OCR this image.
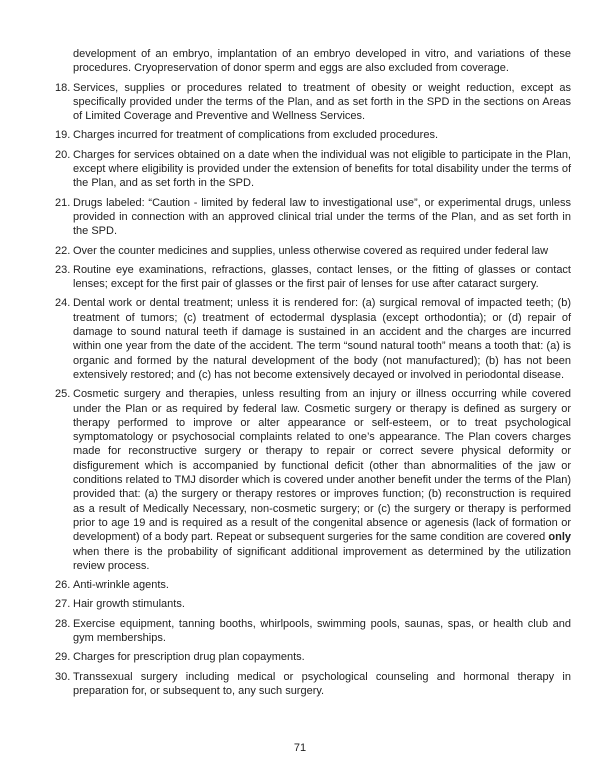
development of an embryo, implantation of an embryo developed in vitro, and variations of these procedures. Cryopreservation of donor sperm and eggs are also excluded from coverage.

18. Services, supplies or procedures related to treatment of obesity or weight reduction, except as specifically provided under the terms of the Plan, and as set forth in the SPD in the sections on Areas of Limited Coverage and Preventive and Wellness Services.
19. Charges incurred for treatment of complications from excluded procedures.
20. Charges for services obtained on a date when the individual was not eligible to participate in the Plan, except where eligibility is provided under the extension of benefits for total disability under the terms of the Plan, and as set forth in the SPD.
21. Drugs labeled: “Caution - limited by federal law to investigational use”, or experimental drugs, unless provided in connection with an approved clinical trial under the terms of the Plan, and as set forth in the SPD.
22. Over the counter medicines and supplies, unless otherwise covered as required under federal law
23. Routine eye examinations, refractions, glasses, contact lenses, or the fitting of glasses or contact lenses; except for the first pair of glasses or the first pair of lenses for use after cataract surgery.
24. Dental work or dental treatment; unless it is rendered for: (a) surgical removal of impacted teeth; (b) treatment of tumors; (c) treatment of ectodermal dysplasia (except orthodontia); or (d) repair of damage to sound natural teeth if damage is sustained in an accident and the charges are incurred within one year from the date of the accident. The term “sound natural tooth” means a tooth that: (a) is organic and formed by the natural development of the body (not manufactured); (b) has not been extensively restored; and (c) has not become extensively decayed or involved in periodontal disease.
25. Cosmetic surgery and therapies, unless resulting from an injury or illness occurring while covered under the Plan or as required by federal law. Cosmetic surgery or therapy is defined as surgery or therapy performed to improve or alter appearance or self-esteem, or to treat psychological symptomatology or psychosocial complaints related to one’s appearance. The Plan covers charges made for reconstructive surgery or therapy to repair or correct severe physical deformity or disfigurement which is accompanied by functional deficit (other than abnormalities of the jaw or conditions related to TMJ disorder which is covered under another benefit under the terms of the Plan) provided that: (a) the surgery or therapy restores or improves function; (b) reconstruction is required as a result of Medically Necessary, non-cosmetic surgery; or (c) the surgery or therapy is performed prior to age 19 and is required as a result of the congenital absence or agenesis (lack of formation or development) of a body part. Repeat or subsequent surgeries for the same condition are covered only when there is the probability of significant additional improvement as determined by the utilization review process.
26. Anti-wrinkle agents.
27. Hair growth stimulants.
28. Exercise equipment, tanning booths, whirlpools, swimming pools, saunas, spas, or health club and gym memberships.
29. Charges for prescription drug plan copayments.
30. Transsexual surgery including medical or psychological counseling and hormonal therapy in preparation for, or subsequent to, any such surgery.
71
